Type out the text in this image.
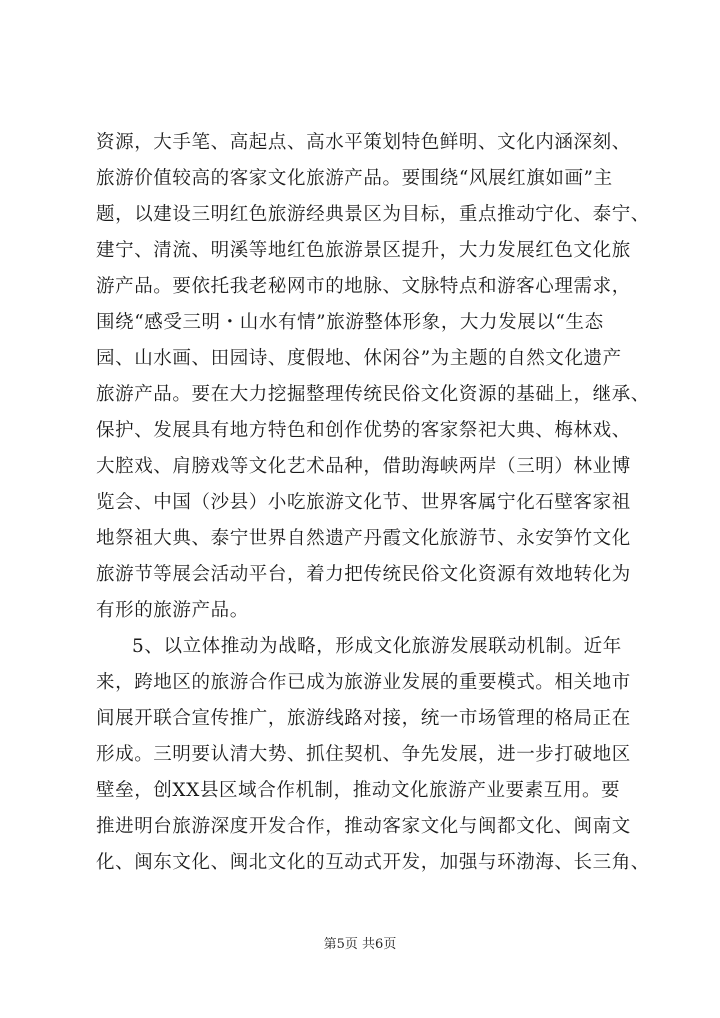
资源，大手笔、高起点、高水平策划特色鲜明、文化内涵深刻、
旅游价值较高的客家文化旅游产品。要围绕“风展红旗如画”主
题，以建设三明红色旅游经典景区为目标，重点推动宁化、泰宁、
建宁、清流、明溪等地红色旅游景区提升，大力发展红色文化旅
游产品。要依托我老秘网市的地脉、文脉特点和游客心理需求，
围绕“感受三明・山水有情”旅游整体形象，大力发展以“生态
园、山水画、田园诗、度假地、休闲谷”为主题的自然文化遗产
旅游产品。要在大力挖掘整理传统民俗文化资源的基础上，继承、
保护、发展具有地方特色和创作优势的客家祭祀大典、梅林戏、
大腔戏、肩膀戏等文化艺术品种，借助海峡两岸（三明）林业博
览会、中国（沙县）小吃旅游文化节、世界客属宁化石壁客家祖
地祭祖大典、泰宁世界自然遗产丹霞文化旅游节、永安笋竹文化
旅游节等展会活动平台，着力把传统民俗文化资源有效地转化为
有形的旅游产品。
5、以立体推动为战略，形成文化旅游发展联动机制。近年
来，跨地区的旅游合作已成为旅游业发展的重要模式。相关地市
间展开联合宣传推广，旅游线路对接，统一市场管理的格局正在
形成。三明要认清大势、抓住契机、争先发展，进一步打破地区
壁垒，创XX县区域合作机制，推动文化旅游产业要素互用。要
推进明台旅游深度开发合作，推动客家文化与闽都文化、闽南文
化、闽东文化、闽北文化的互动式开发，加强与环渤海、长三角、
第5页 共6页
